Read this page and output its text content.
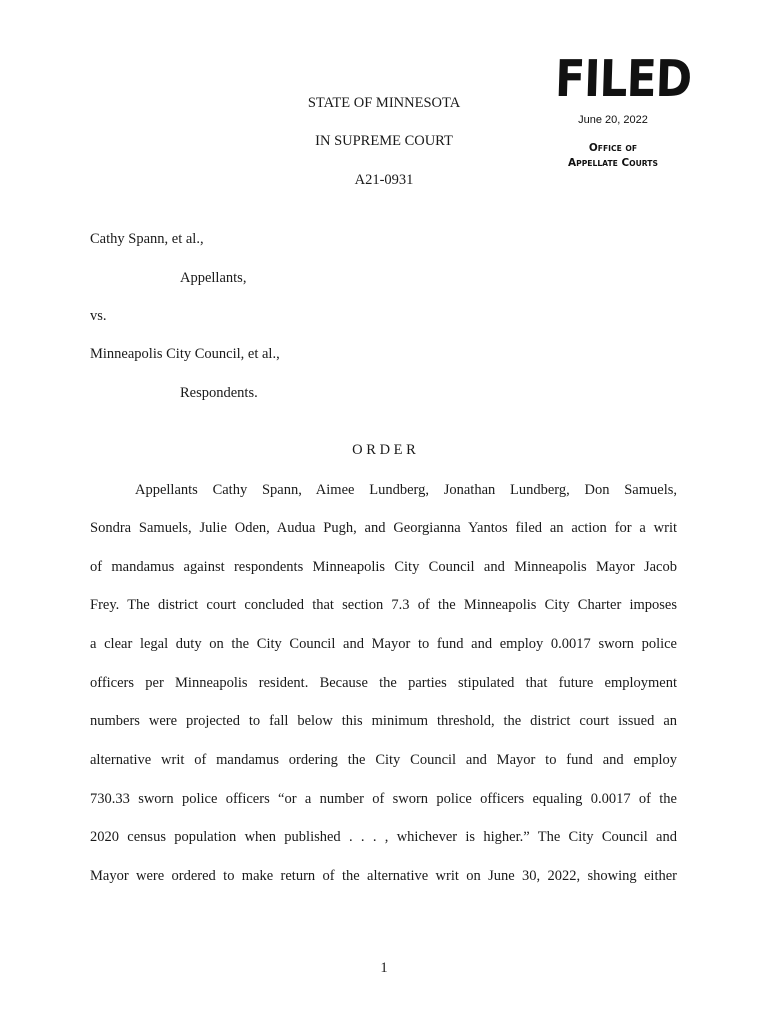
FILED
June 20, 2022
Office of
Appellate Courts
STATE OF MINNESOTA
IN SUPREME COURT
A21-0931
Cathy Spann, et al.,
Appellants,
vs.
Minneapolis City Council, et al.,
Respondents.
O R D E R
Appellants Cathy Spann, Aimee Lundberg, Jonathan Lundberg, Don Samuels,
Sondra Samuels, Julie Oden, Audua Pugh, and Georgianna Yantos filed an action for a writ
of mandamus against respondents Minneapolis City Council and Minneapolis Mayor Jacob
Frey. The district court concluded that section 7.3 of the Minneapolis City Charter imposes
a clear legal duty on the City Council and Mayor to fund and employ 0.0017 sworn police
officers per Minneapolis resident. Because the parties stipulated that future employment
numbers were projected to fall below this minimum threshold, the district court issued an
alternative writ of mandamus ordering the City Council and Mayor to fund and employ
730.33 sworn police officers “or a number of sworn police officers equaling 0.0017 of the
2020 census population when published . . . , whichever is higher.” The City Council and
Mayor were ordered to make return of the alternative writ on June 30, 2022, showing either
1
